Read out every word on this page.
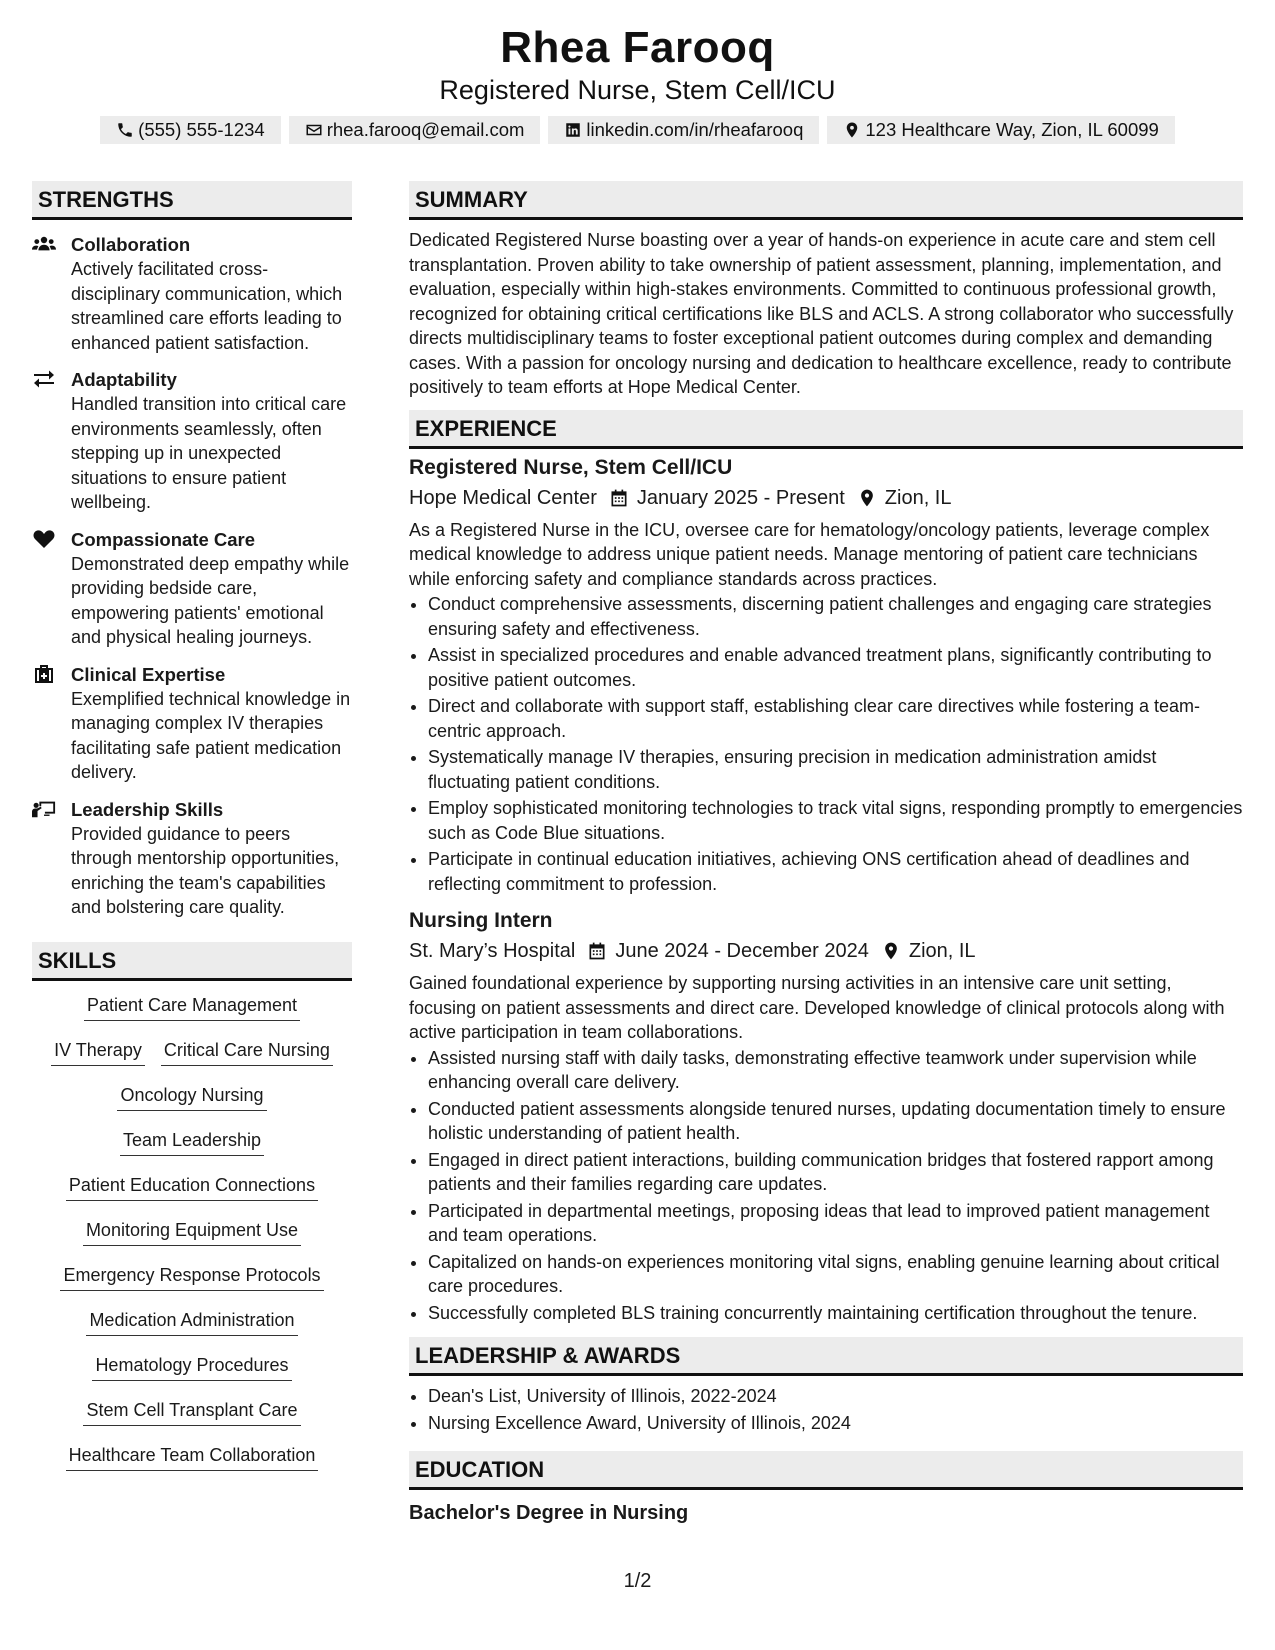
Rhea Farooq
Registered Nurse, Stem Cell/ICU
(555) 555-1234	rhea.farooq@email.com	linkedin.com/in/rheafarooq	123 Healthcare Way, Zion, IL 60099
STRENGTHS
Collaboration
Actively facilitated cross-disciplinary communication, which streamlined care efforts leading to enhanced patient satisfaction.
Adaptability
Handled transition into critical care environments seamlessly, often stepping up in unexpected situations to ensure patient wellbeing.
Compassionate Care
Demonstrated deep empathy while providing bedside care, empowering patients' emotional and physical healing journeys.
Clinical Expertise
Exemplified technical knowledge in managing complex IV therapies facilitating safe patient medication delivery.
Leadership Skills
Provided guidance to peers through mentorship opportunities, enriching the team's capabilities and bolstering care quality.
SKILLS
Patient Care Management
IV Therapy Critical Care Nursing
Oncology Nursing
Team Leadership
Patient Education Connections
Monitoring Equipment Use
Emergency Response Protocols
Medication Administration
Hematology Procedures
Stem Cell Transplant Care
Healthcare Team Collaboration
SUMMARY
Dedicated Registered Nurse boasting over a year of hands-on experience in acute care and stem cell transplantation. Proven ability to take ownership of patient assessment, planning, implementation, and evaluation, especially within high-stakes environments. Committed to continuous professional growth, recognized for obtaining critical certifications like BLS and ACLS. A strong collaborator who successfully directs multidisciplinary teams to foster exceptional patient outcomes during complex and demanding cases. With a passion for oncology nursing and dedication to healthcare excellence, ready to contribute positively to team efforts at Hope Medical Center.
EXPERIENCE
Registered Nurse, Stem Cell/ICU
Hope Medical Center January 2025 - Present Zion, IL
As a Registered Nurse in the ICU, oversee care for hematology/oncology patients, leverage complex medical knowledge to address unique patient needs. Manage mentoring of patient care technicians while enforcing safety and compliance standards across practices.
• Conduct comprehensive assessments, discerning patient challenges and engaging care strategies ensuring safety and effectiveness.
• Assist in specialized procedures and enable advanced treatment plans, significantly contributing to positive patient outcomes.
• Direct and collaborate with support staff, establishing clear care directives while fostering a team-centric approach.
• Systematically manage IV therapies, ensuring precision in medication administration amidst fluctuating patient conditions.
• Employ sophisticated monitoring technologies to track vital signs, responding promptly to emergencies such as Code Blue situations.
• Participate in continual education initiatives, achieving ONS certification ahead of deadlines and reflecting commitment to profession.
Nursing Intern
St. Mary’s Hospital June 2024 - December 2024 Zion, IL
Gained foundational experience by supporting nursing activities in an intensive care unit setting, focusing on patient assessments and direct care. Developed knowledge of clinical protocols along with active participation in team collaborations.
• Assisted nursing staff with daily tasks, demonstrating effective teamwork under supervision while enhancing overall care delivery.
• Conducted patient assessments alongside tenured nurses, updating documentation timely to ensure holistic understanding of patient health.
• Engaged in direct patient interactions, building communication bridges that fostered rapport among patients and their families regarding care updates.
• Participated in departmental meetings, proposing ideas that lead to improved patient management and team operations.
• Capitalized on hands-on experiences monitoring vital signs, enabling genuine learning about critical care procedures.
• Successfully completed BLS training concurrently maintaining certification throughout the tenure.
LEADERSHIP & AWARDS
• Dean's List, University of Illinois, 2022-2024
• Nursing Excellence Award, University of Illinois, 2024
EDUCATION
Bachelor's Degree in Nursing
1/2
